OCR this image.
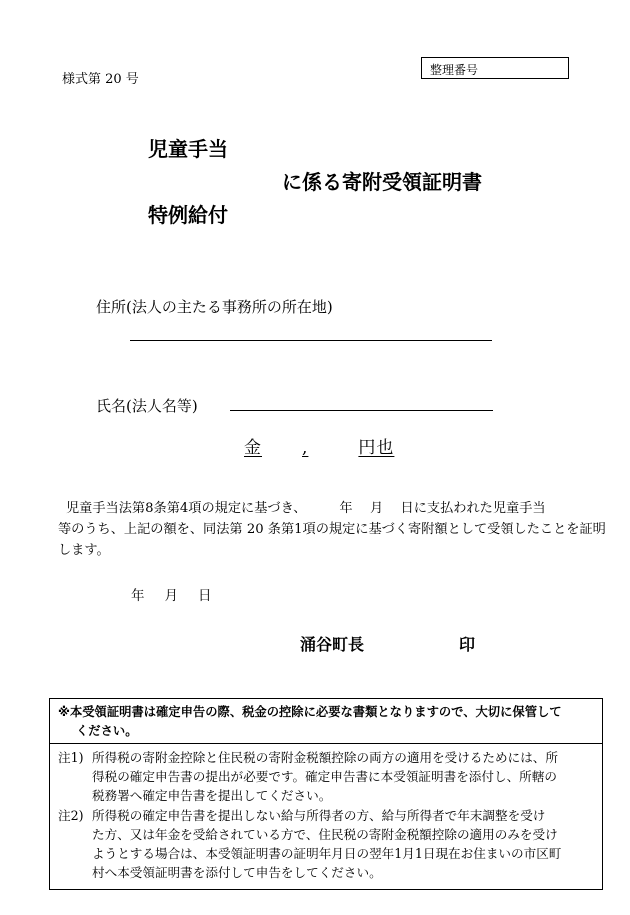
様式第 20 号
整理番号
児童手当
に係る寄附受領証明書
特例給付
住所(法人の主たる事務所の所在地)
氏名(法人名等)
金 ,	円也

児童手当法第8条第4項の規定に基づき、　　　年　 月　 日に支払われた児童手当

等のうち、上記の額を、同法第 20 条第1項の規定に基づく寄附額として受領したことを証明

します。

年 月 日
涌谷町長	印

※本受領証明書は確定申告の際、税金の控除に必要な書類となりますので、大切に保管して

ください。

注1) 所得税の寄附金控除と住民税の寄附金税額控除の両方の適用を受けるためには、所

得税の確定申告書の提出が必要です。確定申告書に本受領証明書を添付し、所轄の

税務署へ確定申告書を提出してください。

注2) 所得税の確定申告書を提出しない給与所得者の方、給与所得者で年末調整を受け

た方、又は年金を受給されている方で、住民税の寄附金税額控除の適用のみを受け

ようとする場合は、本受領証明書の証明年月日の翌年1月1日現在お住まいの市区町

村へ本受領証明書を添付して申告をしてください。
